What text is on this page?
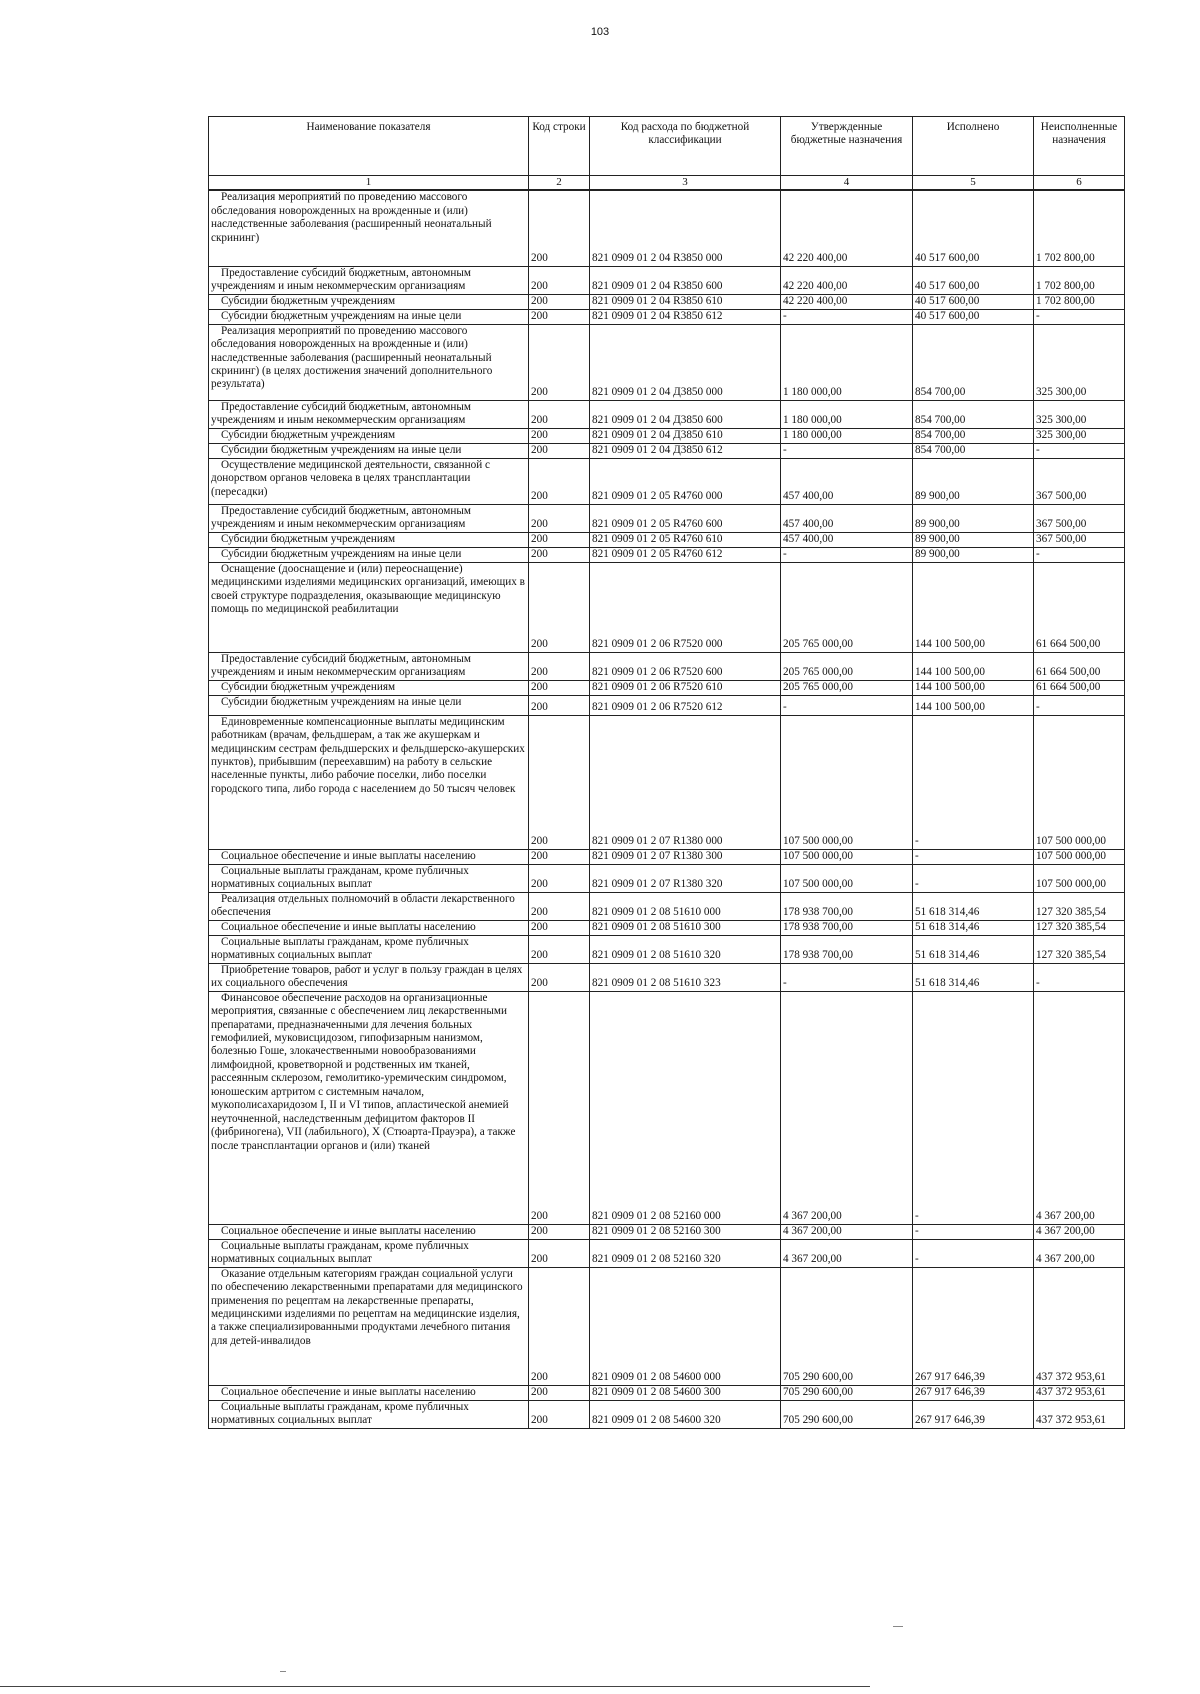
103
Наименование показателя	Код строки	Код расхода по бюджетной классификации	Утвержденные бюджетные назначения	Исполнено	Неисполненные назначения
1	2	3	4	5	6
Реализация мероприятий по проведению массового обследования новорожденных на врожденные и (или) наследственные заболевания (расширенный неонатальный скрининг)	200	821 0909 01 2 04 R3850 000	42 220 400,00	40 517 600,00	1 702 800,00
Предоставление субсидий бюджетным, автономным учреждениям и иным некоммерческим организациям	200	821 0909 01 2 04 R3850 600	42 220 400,00	40 517 600,00	1 702 800,00
Субсидии бюджетным учреждениям	200	821 0909 01 2 04 R3850 610	42 220 400,00	40 517 600,00	1 702 800,00
Субсидии бюджетным учреждениям на иные цели	200	821 0909 01 2 04 R3850 612	-	40 517 600,00	-
Реализация мероприятий по проведению массового обследования новорожденных на врожденные и (или) наследственные заболевания (расширенный неонатальный скрининг) (в целях достижения значений дополнительного результата)	200	821 0909 01 2 04 Д3850 000	1 180 000,00	854 700,00	325 300,00
Предоставление субсидий бюджетным, автономным учреждениям и иным некоммерческим организациям	200	821 0909 01 2 04 Д3850 600	1 180 000,00	854 700,00	325 300,00
Субсидии бюджетным учреждениям	200	821 0909 01 2 04 Д3850 610	1 180 000,00	854 700,00	325 300,00
Субсидии бюджетным учреждениям на иные цели	200	821 0909 01 2 04 Д3850 612	-	854 700,00	-
Осуществление медицинской деятельности, связанной с донорством органов человека в целях трансплантации (пересадки)	200	821 0909 01 2 05 R4760 000	457 400,00	89 900,00	367 500,00
Предоставление субсидий бюджетным, автономным учреждениям и иным некоммерческим организациям	200	821 0909 01 2 05 R4760 600	457 400,00	89 900,00	367 500,00
Субсидии бюджетным учреждениям	200	821 0909 01 2 05 R4760 610	457 400,00	89 900,00	367 500,00
Субсидии бюджетным учреждениям на иные цели	200	821 0909 01 2 05 R4760 612	-	89 900,00	-
Оснащение (дооснащение и (или) переоснащение) медицинскими изделиями медицинских организаций, имеющих в своей структуре подразделения, оказывающие медицинскую помощь по медицинской реабилитации	200	821 0909 01 2 06 R7520 000	205 765 000,00	144 100 500,00	61 664 500,00
Предоставление субсидий бюджетным, автономным учреждениям и иным некоммерческим организациям	200	821 0909 01 2 06 R7520 600	205 765 000,00	144 100 500,00	61 664 500,00
Субсидии бюджетным учреждениям	200	821 0909 01 2 06 R7520 610	205 765 000,00	144 100 500,00	61 664 500,00
Субсидии бюджетным учреждениям на иные цели	200	821 0909 01 2 06 R7520 612	-	144 100 500,00	-
Единовременные компенсационные выплаты медицинским работникам (врачам, фельдшерам, а так же акушеркам и медицинским сестрам фельдшерских и фельдшерско-акушерских пунктов), прибывшим (переехавшим) на работу в сельские населенные пункты, либо рабочие поселки, либо поселки городского типа, либо города с населением до 50 тысяч человек	200	821 0909 01 2 07 R1380 000	107 500 000,00	-	107 500 000,00
Социальное обеспечение и иные выплаты населению	200	821 0909 01 2 07 R1380 300	107 500 000,00	-	107 500 000,00
Социальные выплаты гражданам, кроме публичных нормативных социальных выплат	200	821 0909 01 2 07 R1380 320	107 500 000,00	-	107 500 000,00
Реализация отдельных полномочий в области лекарственного обеспечения	200	821 0909 01 2 08 51610 000	178 938 700,00	51 618 314,46	127 320 385,54
Социальное обеспечение и иные выплаты населению	200	821 0909 01 2 08 51610 300	178 938 700,00	51 618 314,46	127 320 385,54
Социальные выплаты гражданам, кроме публичных нормативных социальных выплат	200	821 0909 01 2 08 51610 320	178 938 700,00	51 618 314,46	127 320 385,54
Приобретение товаров, работ и услуг в пользу граждан в целях их социального обеспечения	200	821 0909 01 2 08 51610 323	-	51 618 314,46	-
Финансовое обеспечение расходов на организационные мероприятия, связанные с обеспечением лиц лекарственными препаратами, предназначенными для лечения больных гемофилией, муковисцидозом, гипофизарным нанизмом, болезнью Гоше, злокачественными новообразованиями лимфоидной, кроветворной и родственных им тканей, рассеянным склерозом, гемолитико-уремическим синдромом, юношеским артритом с системным началом, мукополисахаридозом I, II и VI типов, апластической анемией неуточненной, наследственным дефицитом факторов II (фибриногена), VII (лабильного), X (Стюарта-Прауэра), а также после трансплантации органов и (или) тканей	200	821 0909 01 2 08 52160 000	4 367 200,00	-	4 367 200,00
Социальное обеспечение и иные выплаты населению	200	821 0909 01 2 08 52160 300	4 367 200,00	-	4 367 200,00
Социальные выплаты гражданам, кроме публичных нормативных социальных выплат	200	821 0909 01 2 08 52160 320	4 367 200,00	-	4 367 200,00
Оказание отдельным категориям граждан социальной услуги по обеспечению лекарственными препаратами для медицинского применения по рецептам на лекарственные препараты, медицинскими изделиями по рецептам на медицинские изделия, а также специализированными продуктами лечебного питания для детей-инвалидов	200	821 0909 01 2 08 54600 000	705 290 600,00	267 917 646,39	437 372 953,61
Социальное обеспечение и иные выплаты населению	200	821 0909 01 2 08 54600 300	705 290 600,00	267 917 646,39	437 372 953,61
Социальные выплаты гражданам, кроме публичных нормативных социальных выплат	200	821 0909 01 2 08 54600 320	705 290 600,00	267 917 646,39	437 372 953,61
